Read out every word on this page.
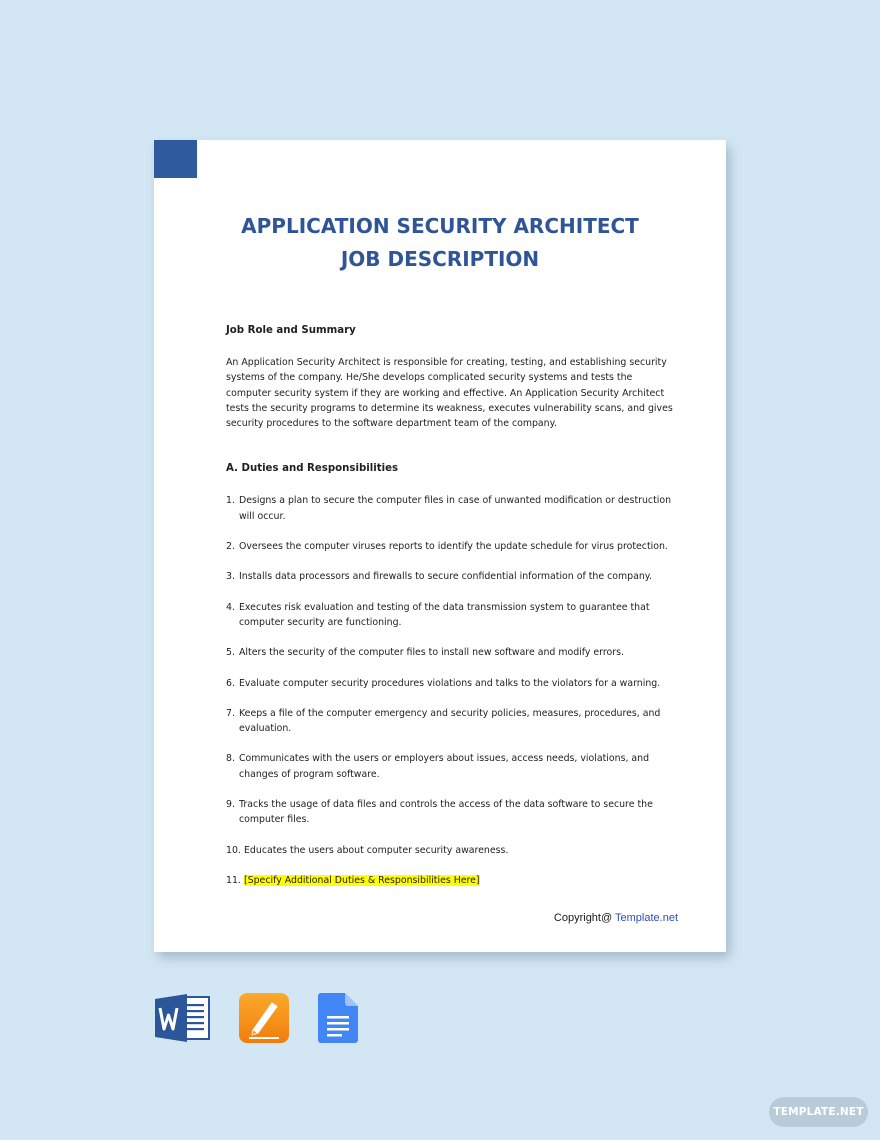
APPLICATION SECURITY ARCHITECT
JOB DESCRIPTION

Job Role and Summary

An Application Security Architect is responsible for creating, testing, and establishing security systems of the company. He/She develops complicated security systems and tests the computer security system if they are working and effective. An Application Security Architect tests the security programs to determine its weakness, executes vulnerability scans, and gives security procedures to the software department team of the company.

A. Duties and Responsibilities

1. Designs a plan to secure the computer files in case of unwanted modification or destruction will occur.
2. Oversees the computer viruses reports to identify the update schedule for virus protection.
3. Installs data processors and firewalls to secure confidential information of the company.
4. Executes risk evaluation and testing of the data transmission system to guarantee that computer security are functioning.
5. Alters the security of the computer files to install new software and modify errors.
6. Evaluate computer security procedures violations and talks to the violators for a warning.
7. Keeps a file of the computer emergency and security policies, measures, procedures, and evaluation.
8. Communicates with the users or employers about issues, access needs, violations, and changes of program software.
9. Tracks the usage of data files and controls the access of the data software to secure the computer files.
10. Educates the users about computer security awareness.
11. [Specify Additional Duties & Responsibilities Here]
Copyright@ Template.net
TEMPLATE.NET
